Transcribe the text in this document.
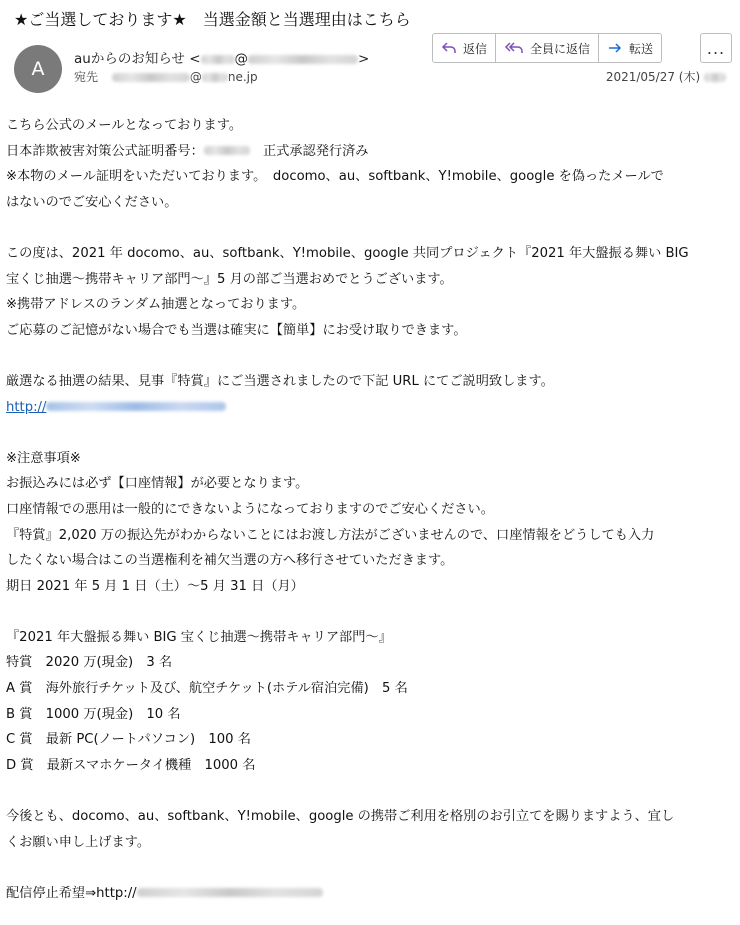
★ご当選しております★　当選金額と当選理由はこちら
A auからのお知らせ <	@	>
宛先	@ ne.jp
返信	全員に返信	転送	...
2021/05/27 (木)

こちら公式のメールとなっております。

日本詐欺被害対策公式証明番号：	　正式承認発行済み

※本物のメール証明をいただいております。　docomo、au、softbank、Y!mobile、google を偽ったメールで

はないのでご安心ください。

この度は、2021 年 docomo、au、softbank、Y!mobile、google 共同プロジェクト『2021 年大盤振る舞い BIG

宝くじ抽選～携帯キャリア部門～』5 月の部ご当選おめでとうございます。

※携帯アドレスのランダム抽選となっております。

ご応募のご記憶がない場合でも当選は確実に【簡単】にお受け取りできます。

厳選なる抽選の結果、見事『特賞』にご当選されましたので下記 URL にてご説明致します。

http://

※注意事項※

お振込みには必ず【口座情報】が必要となります。

口座情報での悪用は一般的にできないようになっておりますのでご安心ください。

『特賞』2,020 万の振込先がわからないことにはお渡し方法がございませんので、口座情報をどうしても入力

したくない場合はこの当選権利を補欠当選の方へ移行させていただきます。

期日 2021 年 5 月 1 日（土）～5 月 31 日（月）

『2021 年大盤振る舞い BIG 宝くじ抽選～携帯キャリア部門～』

特賞　2020 万(現金)　3 名

A 賞　海外旅行チケット及び、航空チケット(ホテル宿泊完備)　5 名

B 賞　1000 万(現金)　10 名

C 賞　最新 PC(ノートパソコン)　100 名

D 賞　最新スマホケータイ機種　1000 名

今後とも、docomo、au、softbank、Y!mobile、google の携帯ご利用を格別のお引立てを賜りますよう、宜し

くお願い申し上げます。

配信停止希望⇒http://
